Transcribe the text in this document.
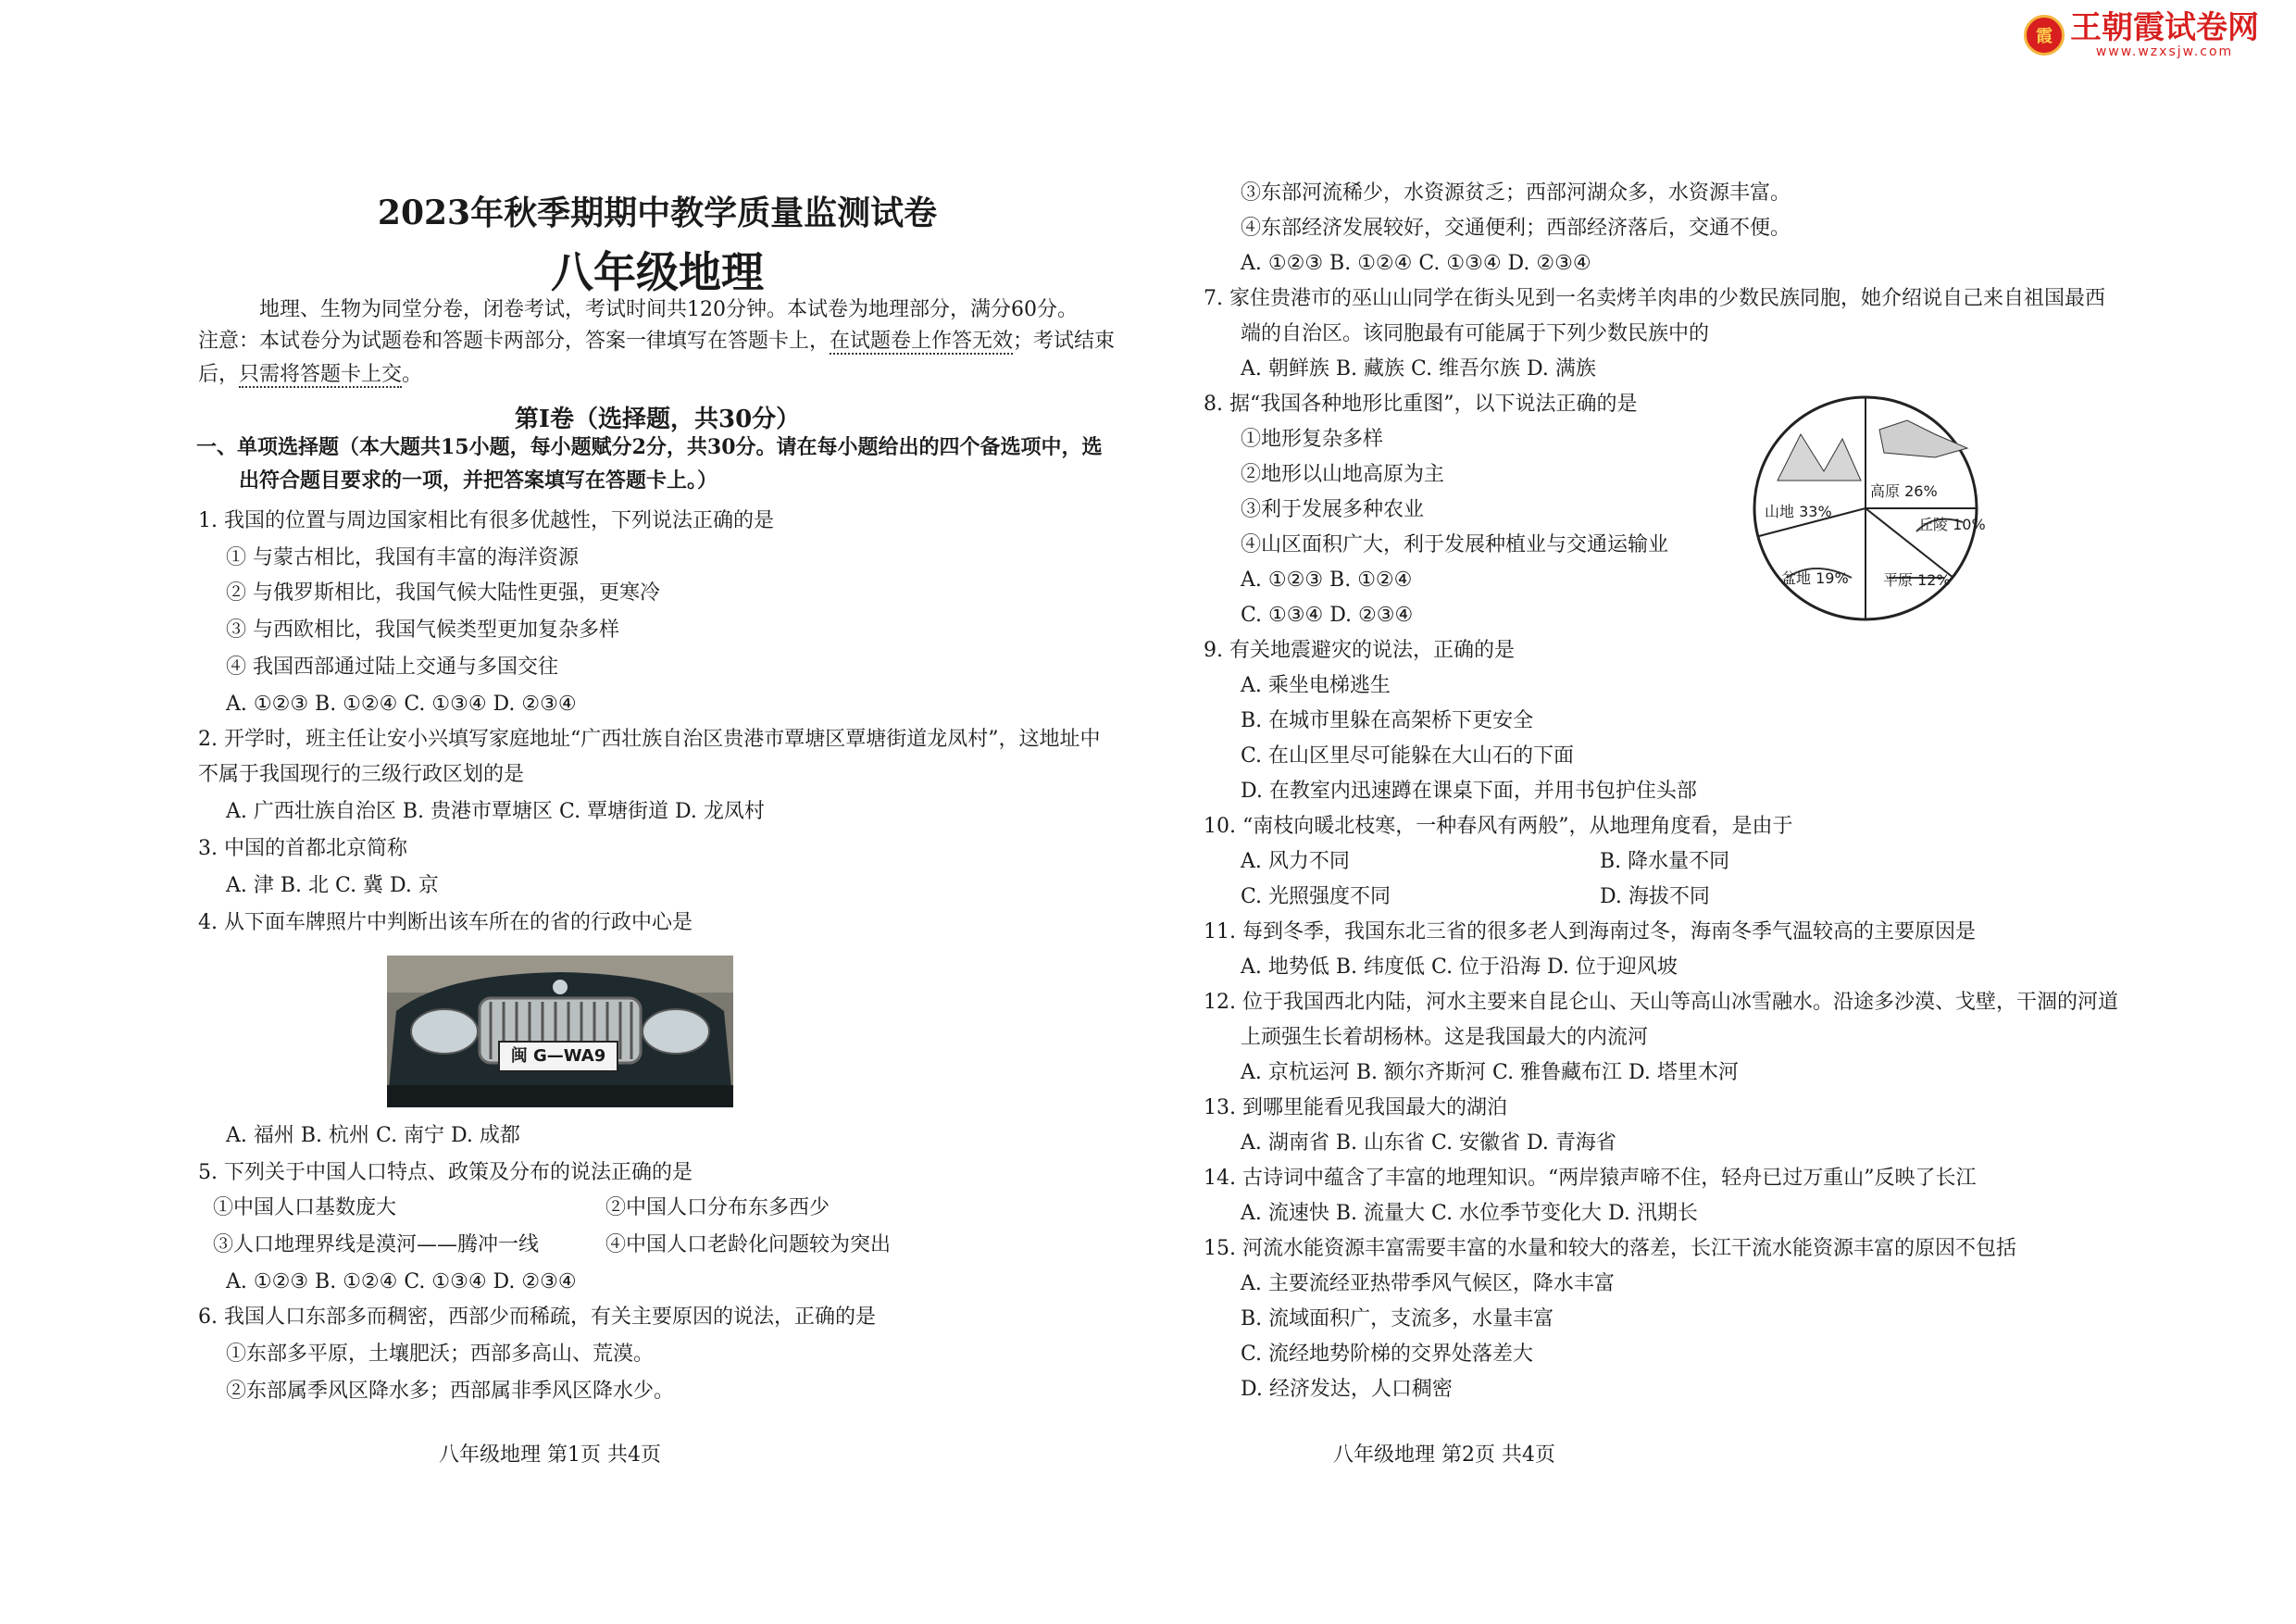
霞 王朝霞试卷网
www.wzxsjw.com
2023年秋季期期中教学质量监测试卷
八年级地理
地理、生物为同堂分卷，闭卷考试，考试时间共120分钟。本试卷为地理部分，满分60分。
注意：本试卷分为试题卷和答题卡两部分，答案一律填写在答题卡上，在试题卷上作答无效；考试结束
后，只需将答题卡上交。
第Ⅰ卷（选择题，共30分）
一、单项选择题（本大题共15小题，每小题赋分2分，共30分。请在每小题给出的四个备选项中，选
出符合题目要求的一项，并把答案填写在答题卡上。）
1. 我国的位置与周边国家相比有很多优越性，下列说法正确的是
① 与蒙古相比，我国有丰富的海洋资源
② 与俄罗斯相比，我国气候大陆性更强，更寒冷
③ 与西欧相比，我国气候类型更加复杂多样
④ 我国西部通过陆上交通与多国交往
A. ①②③ B. ①②④ C. ①③④ D. ②③④
2. 开学时，班主任让安小兴填写家庭地址“广西壮族自治区贵港市覃塘区覃塘街道龙凤村”，这地址中
不属于我国现行的三级行政区划的是
A. 广西壮族自治区 B. 贵港市覃塘区 C. 覃塘街道 D. 龙凤村
3. 中国的首都北京简称
A. 津 B. 北 C. 冀 D. 京
4. 从下面车牌照片中判断出该车所在的省的行政中心是
闽 G—WA9
A. 福州 B. 杭州 C. 南宁 D. 成都
5. 下列关于中国人口特点、政策及分布的说法正确的是
①中国人口基数庞大	②中国人口分布东多西少
③人口地理界线是漠河——腾冲一线	④中国人口老龄化问题较为突出
A. ①②③ B. ①②④ C. ①③④ D. ②③④
6. 我国人口东部多而稠密，西部少而稀疏，有关主要原因的说法，正确的是
①东部多平原，土壤肥沃；西部多高山、荒漠。
②东部属季风区降水多；西部属非季风区降水少。
八年级地理 第1页 共4页
③东部河流稀少，水资源贫乏；西部河湖众多，水资源丰富。
④东部经济发展较好，交通便利；西部经济落后，交通不便。
A. ①②③ B. ①②④ C. ①③④ D. ②③④
7. 家住贵港市的巫山山同学在街头见到一名卖烤羊肉串的少数民族同胞，她介绍说自己来自祖国最西
端的自治区。该同胞最有可能属于下列少数民族中的
A. 朝鲜族 B. 藏族 C. 维吾尔族 D. 满族
8. 据“我国各种地形比重图”，以下说法正确的是
①地形复杂多样
②地形以山地高原为主
③利于发展多种农业
④山区面积广大，利于发展种植业与交通运输业
A. ①②③ B. ①②④
C. ①③④ D. ②③④
高原 26%
丘陵 10%
平原 12%
盆地 19%
山地 33%
9. 有关地震避灾的说法，正确的是
A. 乘坐电梯逃生
B. 在城市里躲在高架桥下更安全
C. 在山区里尽可能躲在大山石的下面
D. 在教室内迅速蹲在课桌下面，并用书包护住头部
10. “南枝向暖北枝寒，一种春风有两般”，从地理角度看，是由于
A. 风力不同	B. 降水量不同
C. 光照强度不同	D. 海拔不同
11. 每到冬季，我国东北三省的很多老人到海南过冬，海南冬季气温较高的主要原因是
A. 地势低 B. 纬度低 C. 位于沿海 D. 位于迎风坡
12. 位于我国西北内陆，河水主要来自昆仑山、天山等高山冰雪融水。沿途多沙漠、戈壁，干涸的河道
上顽强生长着胡杨林。这是我国最大的内流河
A. 京杭运河 B. 额尔齐斯河 C. 雅鲁藏布江 D. 塔里木河
13. 到哪里能看见我国最大的湖泊
A. 湖南省 B. 山东省 C. 安徽省 D. 青海省
14. 古诗词中蕴含了丰富的地理知识。“两岸猿声啼不住，轻舟已过万重山”反映了长江
A. 流速快 B. 流量大 C. 水位季节变化大 D. 汛期长
15. 河流水能资源丰富需要丰富的水量和较大的落差，长江干流水能资源丰富的原因不包括
A. 主要流经亚热带季风气候区，降水丰富
B. 流域面积广，支流多，水量丰富
C. 流经地势阶梯的交界处落差大
D. 经济发达，人口稠密
八年级地理 第2页 共4页
